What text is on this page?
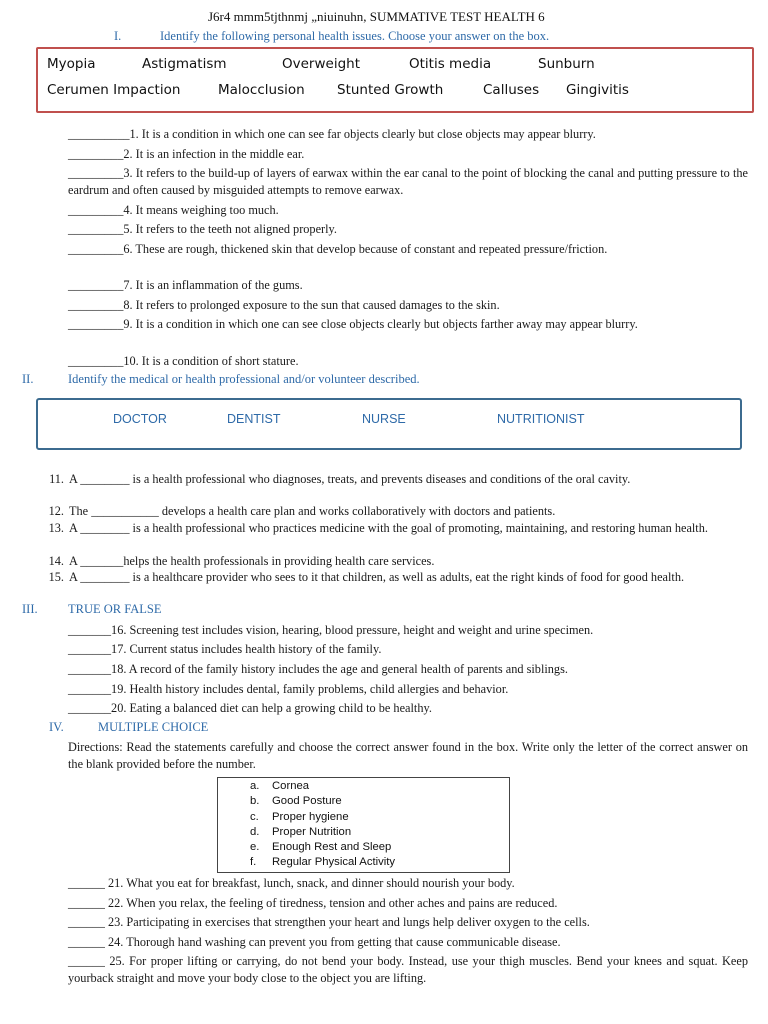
J6r4 mmm5tjthnmj „niuinuhn, SUMMATIVE TEST HEALTH 6
I.	Identify the following personal health issues. Choose your answer on the box.
Myopia	Astigmatism	Overweight	Otitis media	Sunburn
Cerumen Impaction	Malocclusion Stunted Growth	Calluses Gingivitis
__________1. It is a condition in which one can see far objects clearly but close objects may appear blurry.
_________2. It is an infection in the middle ear.
_________3. It refers to the build-up of layers of earwax within the ear canal to the point of blocking the canal and putting pressure to the eardrum and often caused by misguided attempts to remove earwax.
_________4. It means weighing too much.
_________5. It refers to the teeth not aligned properly.
_________6. These are rough, thickened skin that develop because of constant and repeated pressure/friction.
_________7. It is an inflammation of the gums.
_________8. It refers to prolonged exposure to the sun that caused damages to the skin.
_________9. It is a condition in which one can see close objects clearly but objects farther away may appear blurry.
_________10. It is a condition of short stature.
II.	Identify the medical or health professional and/or volunteer described.
DOCTOR	DENTIST	NURSE	NUTRITIONIST
11. A ________ is a health professional who diagnoses, treats, and prevents diseases and conditions of the oral cavity.
12. The ___________ develops a health care plan and works collaboratively with doctors and patients.
13. A ________ is a health professional who practices medicine with the goal of promoting, maintaining, and restoring human health.
14. A _______helps the health professionals in providing health care services.
15. A ________ is a healthcare provider who sees to it that children, as well as adults, eat the right kinds of food for good health.
III. TRUE OR FALSE
_______16. Screening test includes vision, hearing, blood pressure, height and weight and urine specimen.
_______17. Current status includes health history of the family.
_______18. A record of the family history includes the age and general health of parents and siblings.
_______19. Health history includes dental, family problems, child allergies and behavior.
_______20. Eating a balanced diet can help a growing child to be healthy.
IV.	MULTIPLE CHOICE
Directions: Read the statements carefully and choose the correct answer found in the box. Write only the letter of the correct answer on the blank provided before the number.
a. Cornea
b. Good Posture
c. Proper hygiene
d. Proper Nutrition
e. Enough Rest and Sleep
f. Regular Physical Activity
______ 21. What you eat for breakfast, lunch, snack, and dinner should nourish your body.
______ 22. When you relax, the feeling of tiredness, tension and other aches and pains are reduced.
______ 23. Participating in exercises that strengthen your heart and lungs help deliver oxygen to the cells.
______ 24. Thorough hand washing can prevent you from getting that cause communicable disease.
______ 25. For proper lifting or carrying, do not bend your body. Instead, use your thigh muscles. Bend your knees and squat. Keep yourback straight and move your body close to the object you are lifting.
